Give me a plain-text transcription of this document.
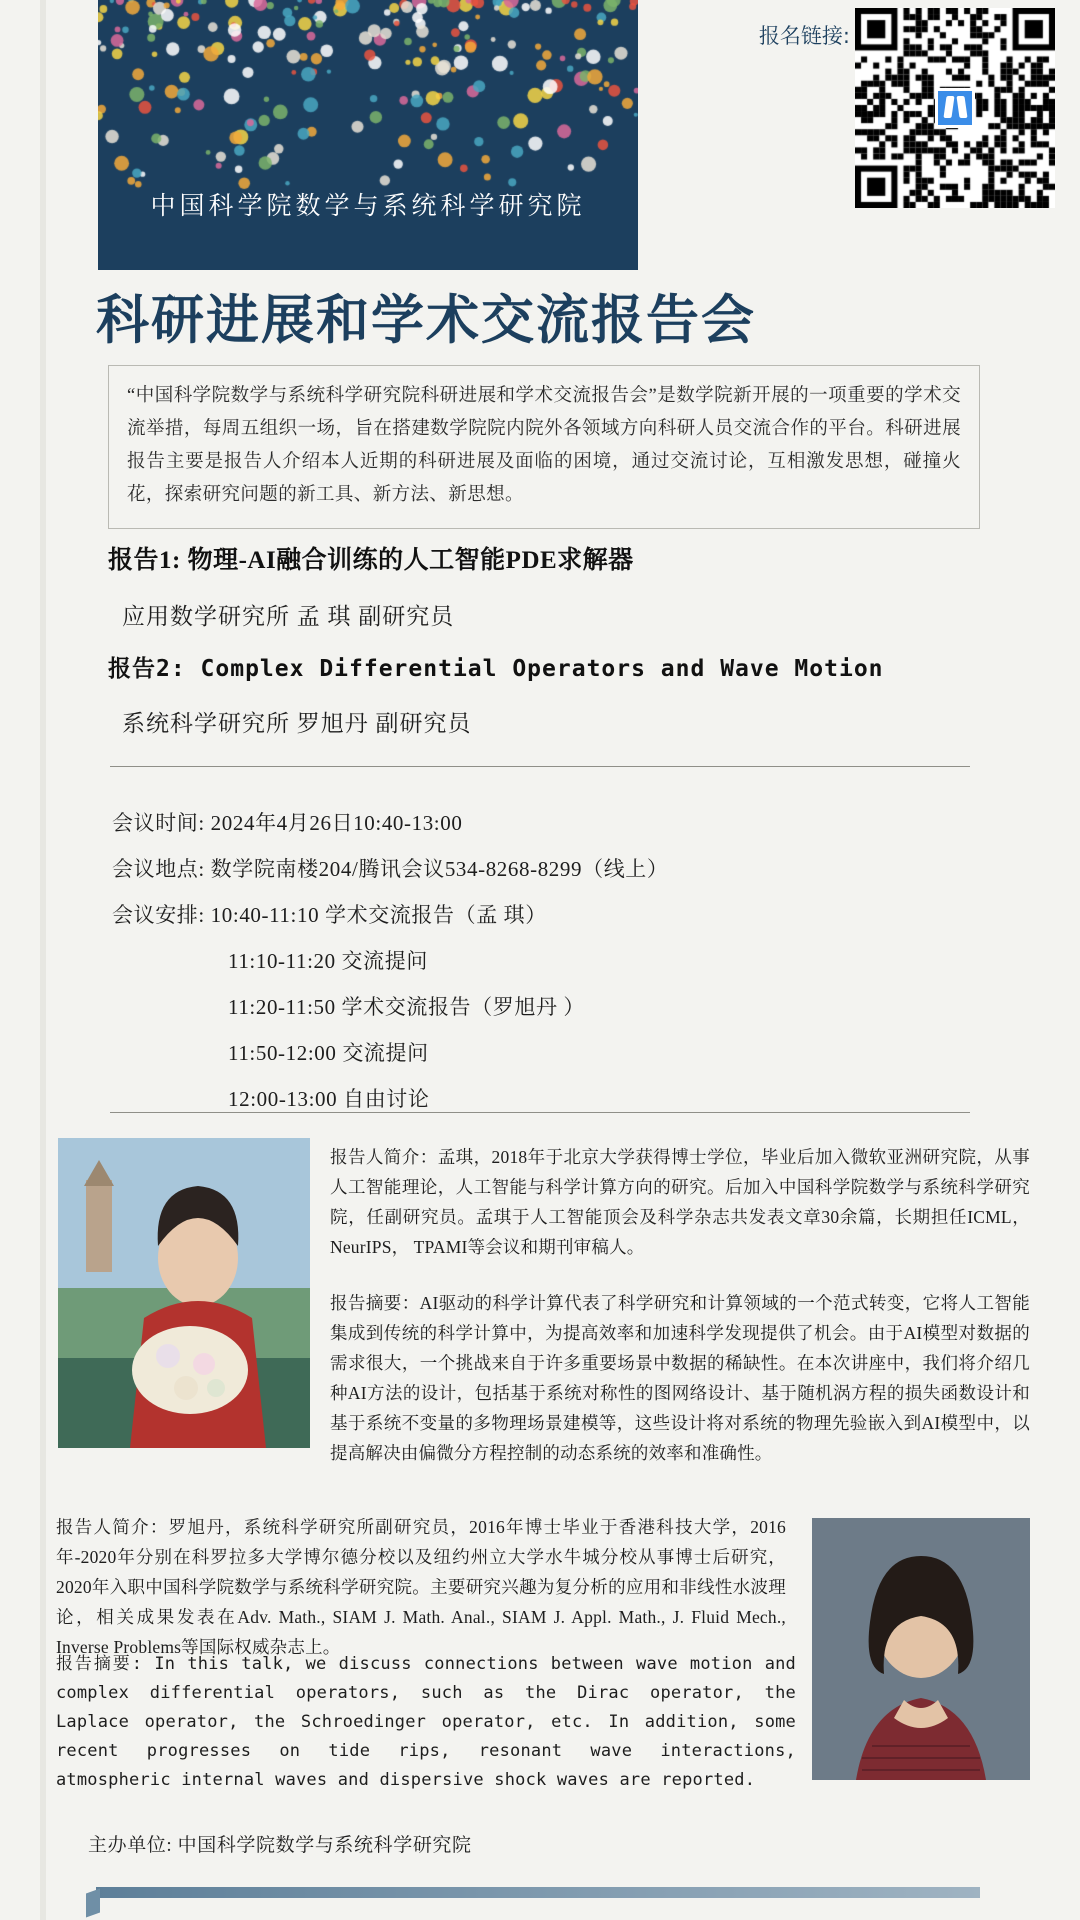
中国科学院数学与系统科学研究院
报名链接:
科研进展和学术交流报告会
“中国科学院数学与系统科学研究院科研进展和学术交流报告会”是数学院新开展的一项重要的学术交流举措，每周五组织一场，旨在搭建数学院院内院外各领域方向科研人员交流合作的平台。科研进展报告主要是报告人介绍本人近期的科研进展及面临的困境，通过交流讨论，互相激发思想，碰撞火花，探索研究问题的新工具、新方法、新思想。
报告1: 物理-AI融合训练的人工智能PDE求解器
应用数学研究所 孟 琪 副研究员
报告2: Complex Differential Operators and Wave Motion
系统科学研究所 罗旭丹 副研究员
会议时间: 2024年4月26日10:40-13:00
会议地点: 数学院南楼204/腾讯会议534-8268-8299（线上）
会议安排: 10:40-11:10 学术交流报告（孟 琪）
11:10-11:20 交流提问
11:20-11:50 学术交流报告（罗旭丹 ）
11:50-12:00 交流提问
12:00-13:00 自由讨论
报告人简介：孟琪，2018年于北京大学获得博士学位，毕业后加入微软亚洲研究院，从事人工智能理论，人工智能与科学计算方向的研究。后加入中国科学院数学与系统科学研究院，任副研究员。孟琪于人工智能顶会及科学杂志共发表文章30余篇，长期担任ICML， NeurIPS， TPAMI等会议和期刊审稿人。
报告摘要：AI驱动的科学计算代表了科学研究和计算领域的一个范式转变，它将人工智能集成到传统的科学计算中，为提高效率和加速科学发现提供了机会。由于AI模型对数据的需求很大，一个挑战来自于许多重要场景中数据的稀缺性。在本次讲座中，我们将介绍几种AI方法的设计，包括基于系统对称性的图网络设计、基于随机涡方程的损失函数设计和基于系统不变量的多物理场景建模等，这些设计将对系统的物理先验嵌入到AI模型中，以提高解决由偏微分方程控制的动态系统的效率和准确性。
报告人简介：罗旭丹，系统科学研究所副研究员，2016年博士毕业于香港科技大学，2016年-2020年分别在科罗拉多大学博尔德分校以及纽约州立大学水牛城分校从事博士后研究，2020年入职中国科学院数学与系统科学研究院。主要研究兴趣为复分析的应用和非线性水波理论，相关成果发表在Adv. Math., SIAM J. Math. Anal., SIAM J. Appl. Math., J. Fluid Mech., Inverse Problems等国际权威杂志上。
报告摘要: In this talk, we discuss connections between wave motion and complex differential operators, such as the Dirac operator, the Laplace operator, the Schroedinger operator, etc. In addition, some recent progresses on tide rips, resonant wave interactions, atmospheric internal waves and dispersive shock waves are reported.
主办单位: 中国科学院数学与系统科学研究院
